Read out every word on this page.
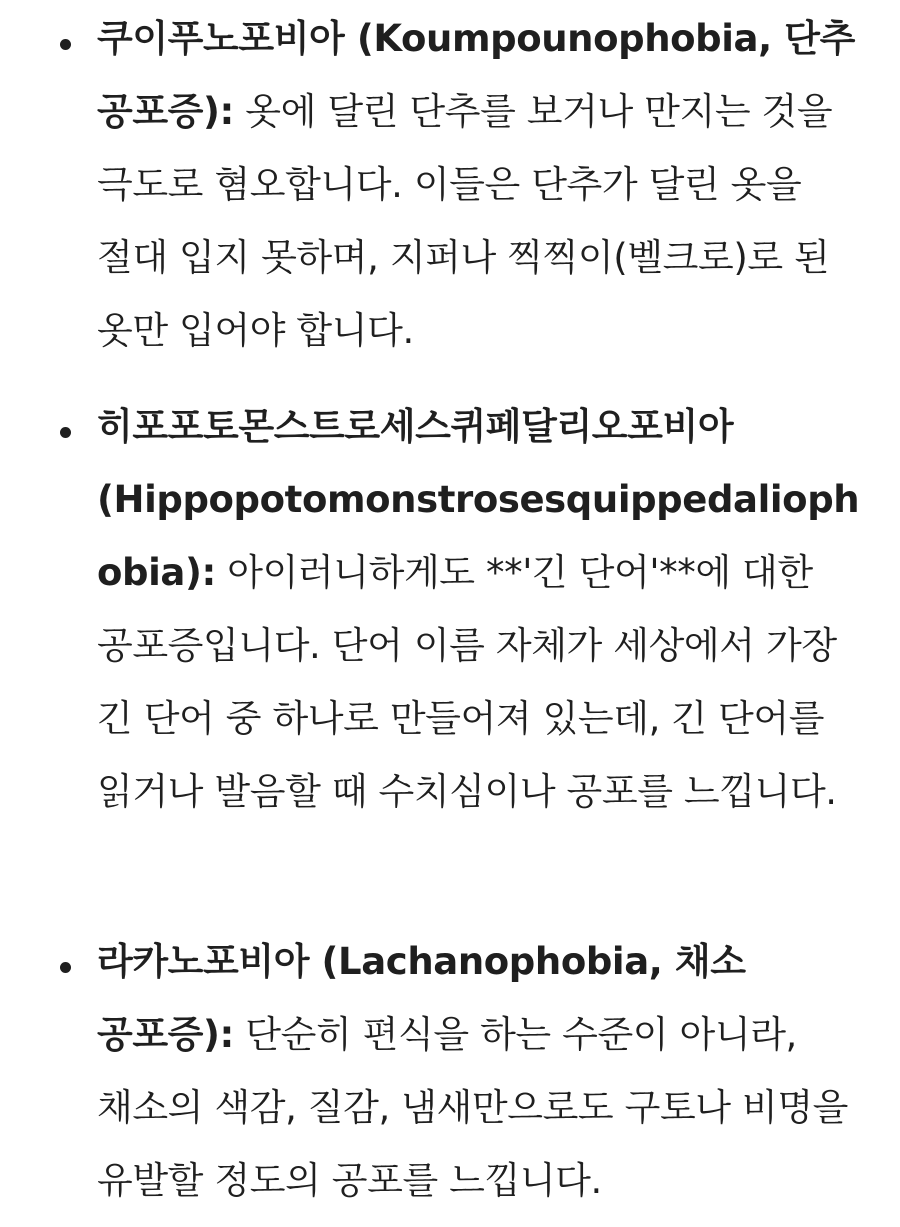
쿠이푸노포비아 (Koumpounophobia, 단추 공포증): 옷에 달린 단추를 보거나 만지는 것을 극도로 혐오합니다. 이들은 단추가 달린 옷을 절대 입지 못하며, 지퍼나 찍찍이(벨크로)로 된 옷만 입어야 합니다.
히포포토몬스트로세스퀴페달리오포비아 (Hippopotomonstrosesquippedaliophobia): 아이러니하게도 **'긴 단어'**에 대한 공포증입니다. 단어 이름 자체가 세상에서 가장 긴 단어 중 하나로 만들어져 있는데, 긴 단어를 읽거나 발음할 때 수치심이나 공포를 느낍니다.
라카노포비아 (Lachanophobia, 채소 공포증): 단순히 편식을 하는 수준이 아니라, 채소의 색감, 질감, 냄새만으로도 구토나 비명을 유발할 정도의 공포를 느낍니다.
